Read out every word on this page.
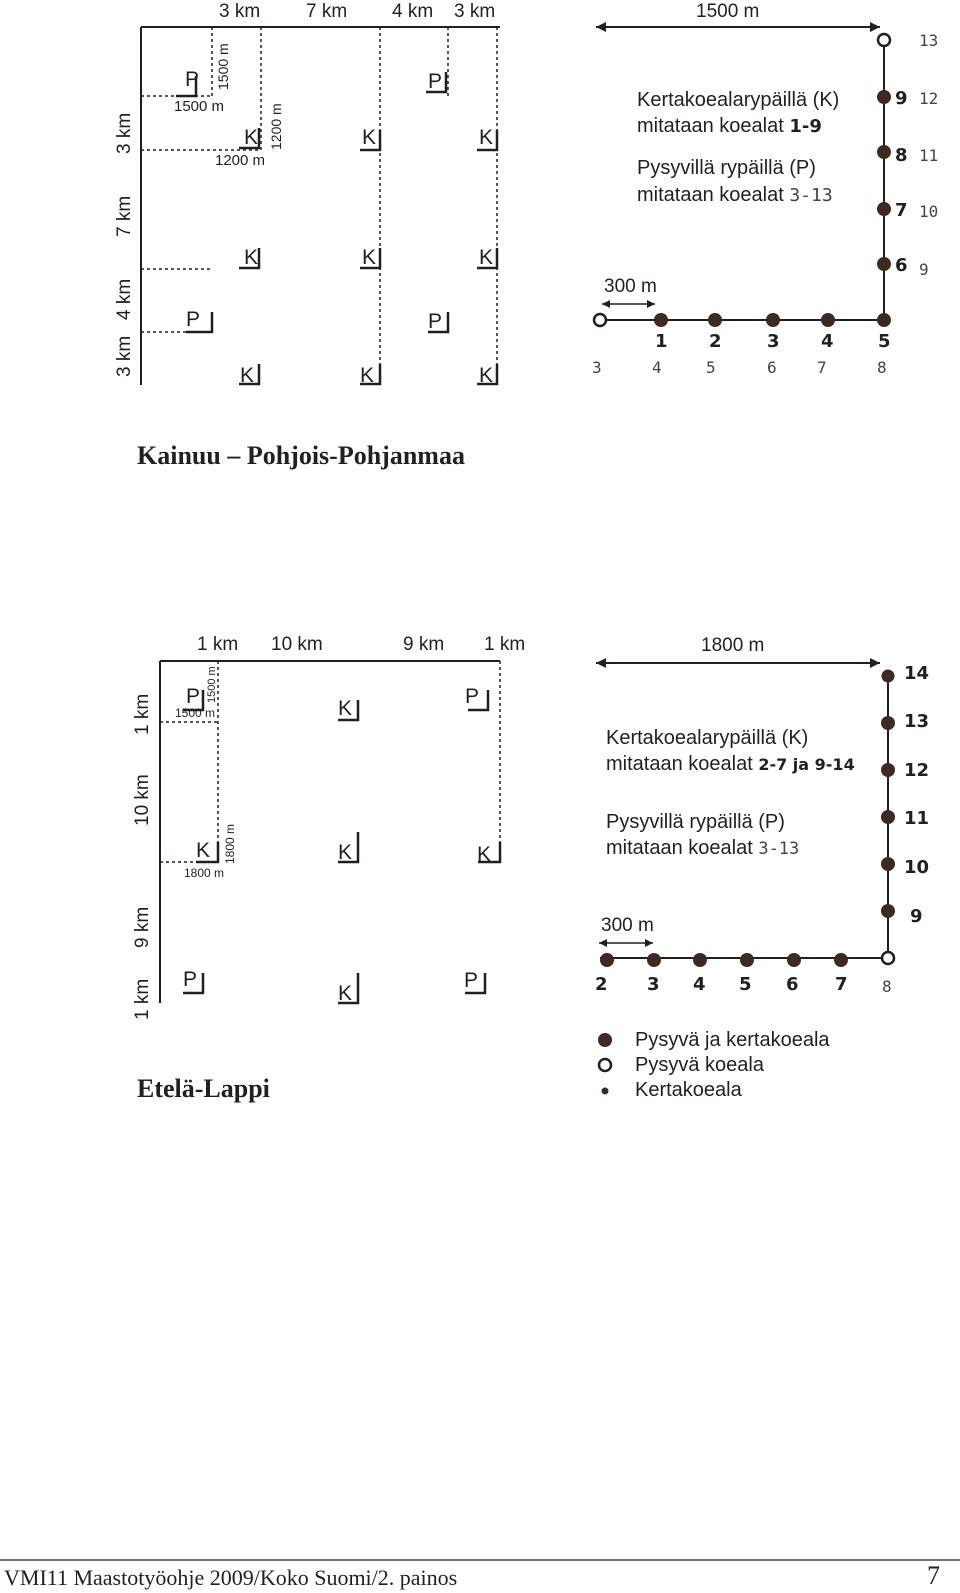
3 km 7 km 4 km 3 km
3 km
4 km
7 km
3 km
1500 m
1500 m
1200 m
1200 m
P
K	K
P
K
K	K	K
P	P
K	K	K
1500 m
Kertakoealarypäillä (K)
mitataan koealat 1-9
Pysyvillä rypäillä (P)
mitataan koealat 3-13
300 m
1 2	3 4 5
9
8
7
6
3	4	5	6	7	8
13
12
11
10
9
Kainuu – Pohjois-Pohjanmaa
1 km 10 km	9 km 1 km
1 km
10 km
9 km
1 km
1500 m
1500 m
1800 m
1800 m
P
K
P
K	K	K
P
K
P
1800 m
Kertakoealarypäillä (K)
mitataan koealat 2-7 ja 9-14
Pysyvillä rypäillä (P)
mitataan koealat 3-13
300 m
2 3 4 5 6 7 8
14
13
12
11
10
9
Etelä-Lappi
Pysyvä ja kertakoeala
Pysyvä koeala
Kertakoeala
VMI11 Maastotyöohje 2009/Koko Suomi/2. painos	7
